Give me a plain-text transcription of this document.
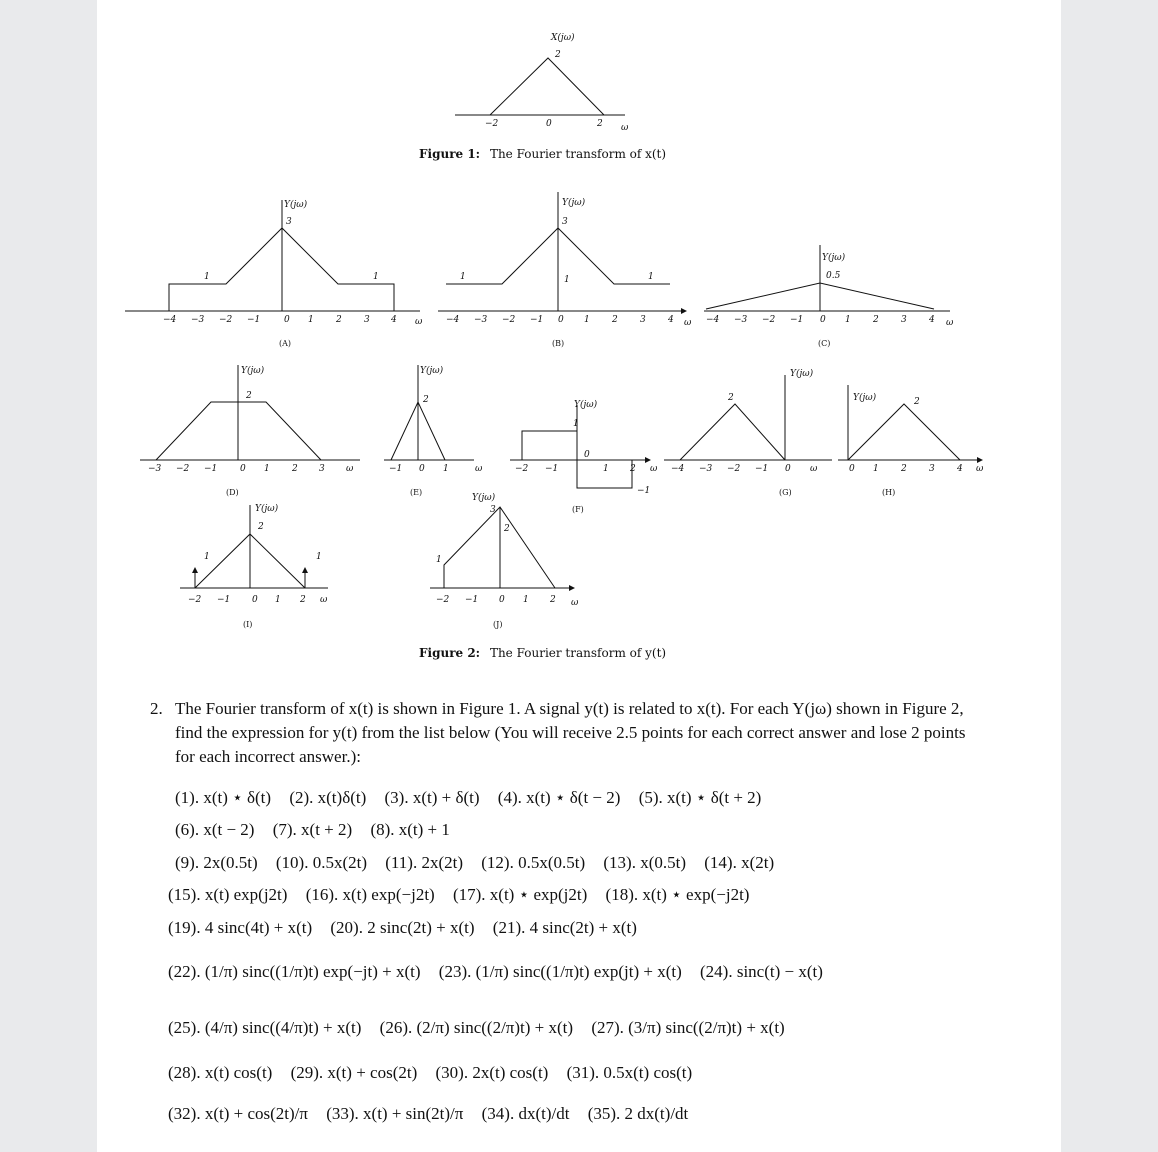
X(jω)
2
−2	0	2 ω
Figure 1: The Fourier transform of x(t)
Y(jω)
3
1	1
−4 −3 −2 −1	0 1 2 3 4 ω
(A)
Y(jω)
3
1	1	1
−4 −3 −2 −1 0 1 2 3 4 ω
(B)
Y(jω)
0.5
−4 −3 −2 −1 0 1 2 3 4 ω
(C)
Y(jω)
2
−3 −2 −1	0 1 2 3 ω
(D)
Y(jω)
2
−1 0 1	ω
(E)
Y(jω)
1
0
−1
−2 −1	1 2 ω
(F)
Y(jω)
2
−4 −3 −2 −1 0 ω
(G)
Y(jω)	2
0 1 2 3 4 ω
(H)
Y(jω)
2
1	1
−2 −1 0 1 2 ω
(I)
Y(jω)
3
2
1
−2 −1 0 1 2 ω
(J)
Figure 2: The Fourier transform of y(t)
2. The Fourier transform of x(t) is shown in Figure 1. A signal y(t) is related to x(t). For each Y(jω) shown in Figure 2, find the expression for y(t) from the list below (You will receive 2.5 points for each correct answer and lose 2 points for each incorrect answer.):
(1). x(t) ⋆ δ(t) (2). x(t)δ(t) (3). x(t) + δ(t) (4). x(t) ⋆ δ(t − 2) (5). x(t) ⋆ δ(t + 2)
(6). x(t − 2) (7). x(t + 2) (8). x(t) + 1
(9). 2x(0.5t) (10). 0.5x(2t) (11). 2x(2t) (12). 0.5x(0.5t) (13). x(0.5t) (14). x(2t)
(15). x(t) exp(j2t) (16). x(t) exp(−j2t) (17). x(t) ⋆ exp(j2t) (18). x(t) ⋆ exp(−j2t)
(19). 4 sinc(4t) + x(t) (20). 2 sinc(2t) + x(t) (21). 4 sinc(2t) + x(t)
(22). (1/π) sinc((1/π)t) exp(−jt) + x(t) (23). (1/π) sinc((1/π)t) exp(jt) + x(t) (24). sinc(t) − x(t)
(25). (4/π) sinc((4/π)t) + x(t) (26). (2/π) sinc((2/π)t) + x(t) (27). (3/π) sinc((2/π)t) + x(t)
(28). x(t) cos(t) (29). x(t) + cos(2t) (30). 2x(t) cos(t) (31). 0.5x(t) cos(t)
(32). x(t) + cos(2t)/π (33). x(t) + sin(2t)/π (34). dx(t)/dt (35). 2 dx(t)/dt
